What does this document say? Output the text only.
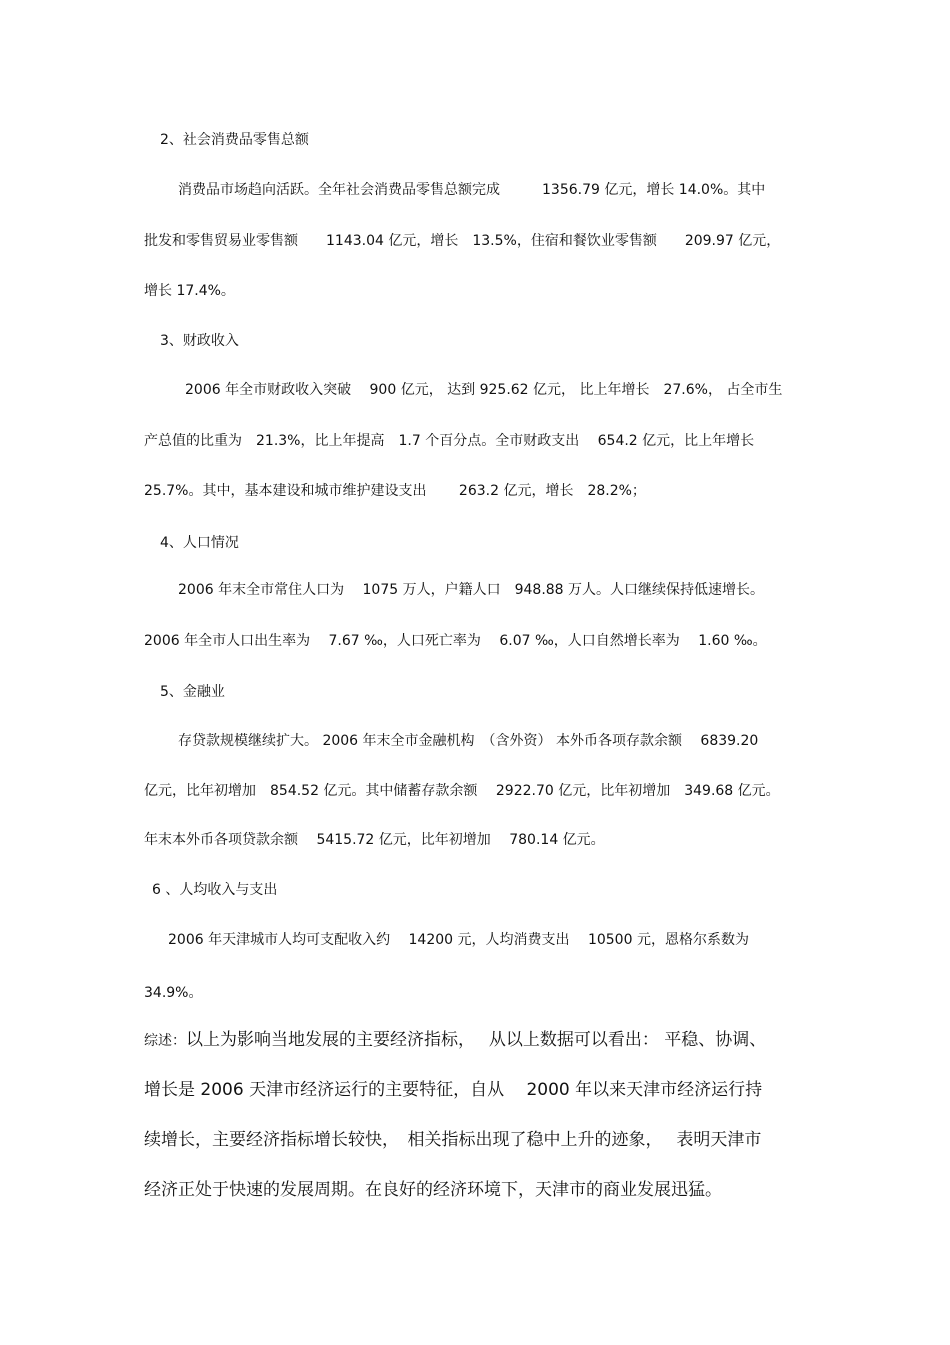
2、社会消费品零售总额
消费品市场趋向活跃。全年社会消费品零售总额完成　　　1356.79 亿元，增长 14.0%。其中
批发和零售贸易业零售额　　1143.04 亿元，增长　13.5%，住宿和餐饮业零售额　　209.97 亿元，
增长 17.4%。
3、财政收入
2006 年全市财政收入突破　 900 亿元， 达到 925.62 亿元， 比上年增长　27.6%， 占全市生
产总值的比重为　21.3%，比上年提高　1.7 个百分点。全市财政支出　 654.2 亿元，比上年增长
25.7%。其中，基本建设和城市维护建设支出　　 263.2 亿元，增长　28.2%；
4、人口情况
2006 年末全市常住人口为　 1075 万人，户籍人口　948.88 万人。人口继续保持低速增长。
2006 年全市人口出生率为　 7.67 ‰，人口死亡率为　 6.07 ‰，人口自然增长率为　 1.60 ‰。
5、金融业
存贷款规模继续扩大。 2006 年末全市金融机构　（含外资） 本外币各项存款余额　 6839.20
亿元，比年初增加　854.52 亿元。其中储蓄存款余额　 2922.70 亿元，比年初增加　349.68 亿元。
年末本外币各项贷款余额　 5415.72 亿元，比年初增加　 780.14 亿元。
6 、人均收入与支出
2006 年天津城市人均可支配收入约　 14200 元，人均消费支出　 10500 元，恩格尔系数为
34.9%。
综述：以上为影响当地发展的主要经济指标，　 从以上数据可以看出： 平稳、协调、
增长是 2006 天津市经济运行的主要特征，自从　 2000 年以来天津市经济运行持
续增长，主要经济指标增长较快，　相关指标出现了稳中上升的迹象，　 表明天津市
经济正处于快速的发展周期。在良好的经济环境下，天津市的商业发展迅猛。
